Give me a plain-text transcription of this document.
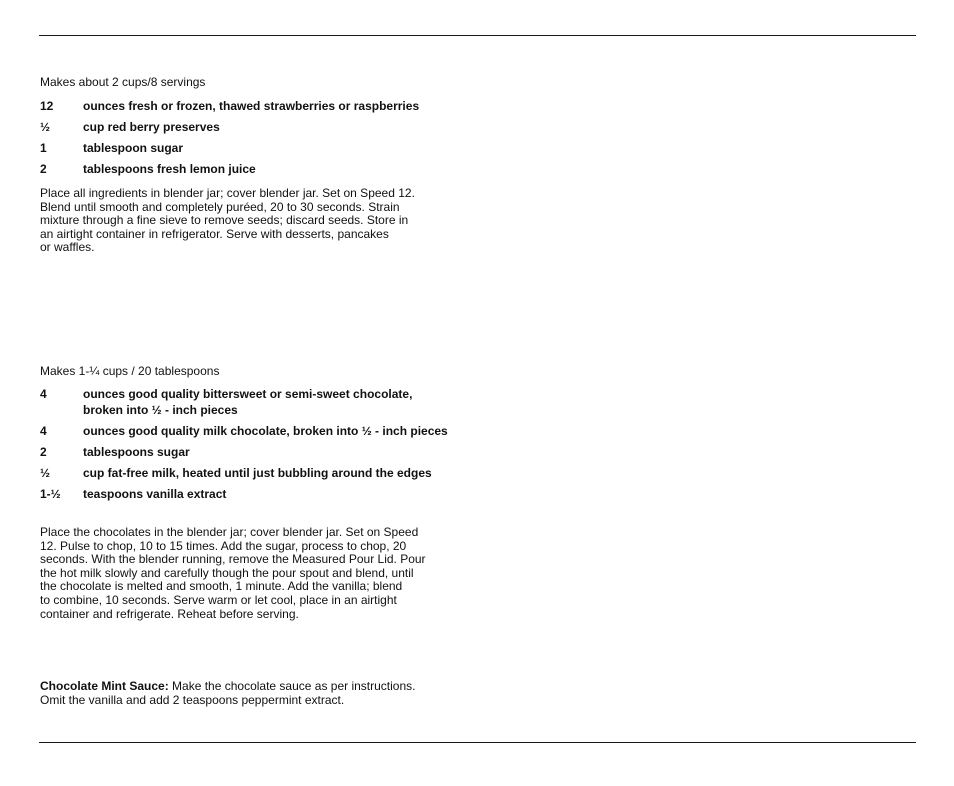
Makes about 2 cups/8 servings
12	ounces fresh or frozen, thawed strawberries or raspberries
½	cup red berry preserves
1	tablespoon sugar
2	tablespoons fresh lemon juice
Place all ingredients in blender jar; cover blender jar. Set on Speed 12.
Blend until smooth and completely puréed, 20 to 30 seconds. Strain
mixture through a fine sieve to remove seeds; discard seeds. Store in
an airtight container in refrigerator. Serve with desserts, pancakes
or waffles.
Makes 1-¼ cups / 20 tablespoons
4	ounces good quality bittersweet or semi-sweet chocolate,
broken into ½ - inch pieces
4	ounces good quality milk chocolate, broken into ½ - inch pieces
2	tablespoons sugar
½	cup fat-free milk, heated until just bubbling around the edges
1-½	teaspoons vanilla extract
Place the chocolates in the blender jar; cover blender jar. Set on Speed
12. Pulse to chop, 10 to 15 times. Add the sugar, process to chop, 20
seconds. With the blender running, remove the Measured Pour Lid. Pour
the hot milk slowly and carefully though the pour spout and blend, until
the chocolate is melted and smooth, 1 minute. Add the vanilla; blend
to combine, 10 seconds. Serve warm or let cool, place in an airtight
container and refrigerate. Reheat before serving.
Chocolate Mint Sauce: Make the chocolate sauce as per instructions.
Omit the vanilla and add 2 teaspoons peppermint extract.
